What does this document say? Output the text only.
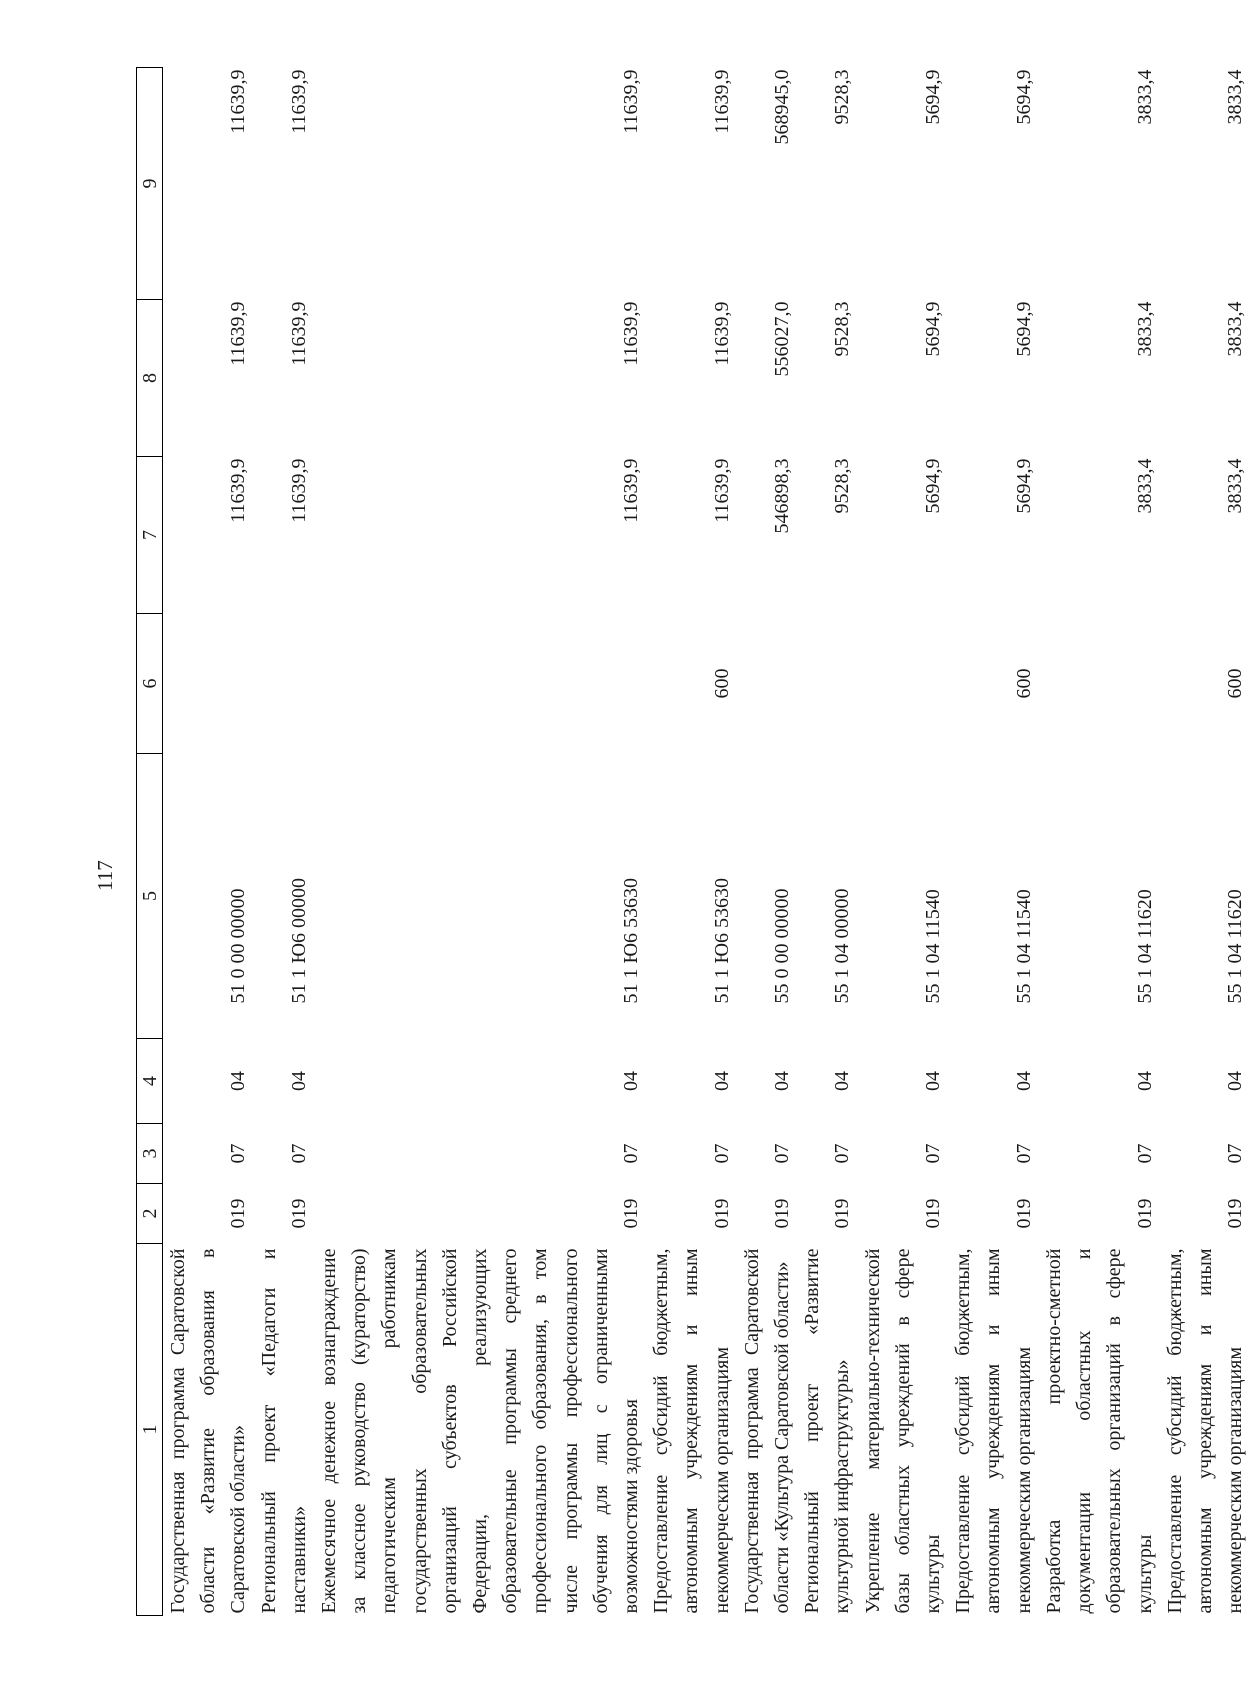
117
1	2	3	4	5	6	7	8	9
Государственная программа Саратовской области «Развитие образования в Саратовской области»	019	07	04	51 0 00 00000		11639,9	11639,9	11639,9
Региональный проект «Педагоги и наставники»	019	07	04	51 1 Ю6 00000		11639,9	11639,9	11639,9
Ежемесячное денежное вознаграждение за классное руководство (кураторство) педагогическим работникам государственных образовательных организаций субъектов Российской Федерации, реализующих образовательные программы среднего профессионального образования, в том числе программы профессионального обучения для лиц с ограниченными возможностями здоровья	019	07	04	51 1 Ю6 53630		11639,9	11639,9	11639,9
Предоставление субсидий бюджетным, автономным учреждениям и иным некоммерческим организациям	019	07	04	51 1 Ю6 53630	600	11639,9	11639,9	11639,9
Государственная программа Саратовской области «Культура Саратовской области»	019	07	04	55 0 00 00000		546898,3	556027,0	568945,0
Региональный проект «Развитие культурной инфраструктуры»	019	07	04	55 1 04 00000		9528,3	9528,3	9528,3
Укрепление материально-технической базы областных учреждений в сфере культуры	019	07	04	55 1 04 11540		5694,9	5694,9	5694,9
Предоставление субсидий бюджетным, автономным учреждениям и иным некоммерческим организациям	019	07	04	55 1 04 11540	600	5694,9	5694,9	5694,9
Разработка проектно-сметной документации областных и образовательных организаций в сфере культуры	019	07	04	55 1 04 11620		3833,4	3833,4	3833,4
Предоставление субсидий бюджетным, автономным учреждениям и иным некоммерческим организациям	019	07	04	55 1 04 11620	600	3833,4	3833,4	3833,4
